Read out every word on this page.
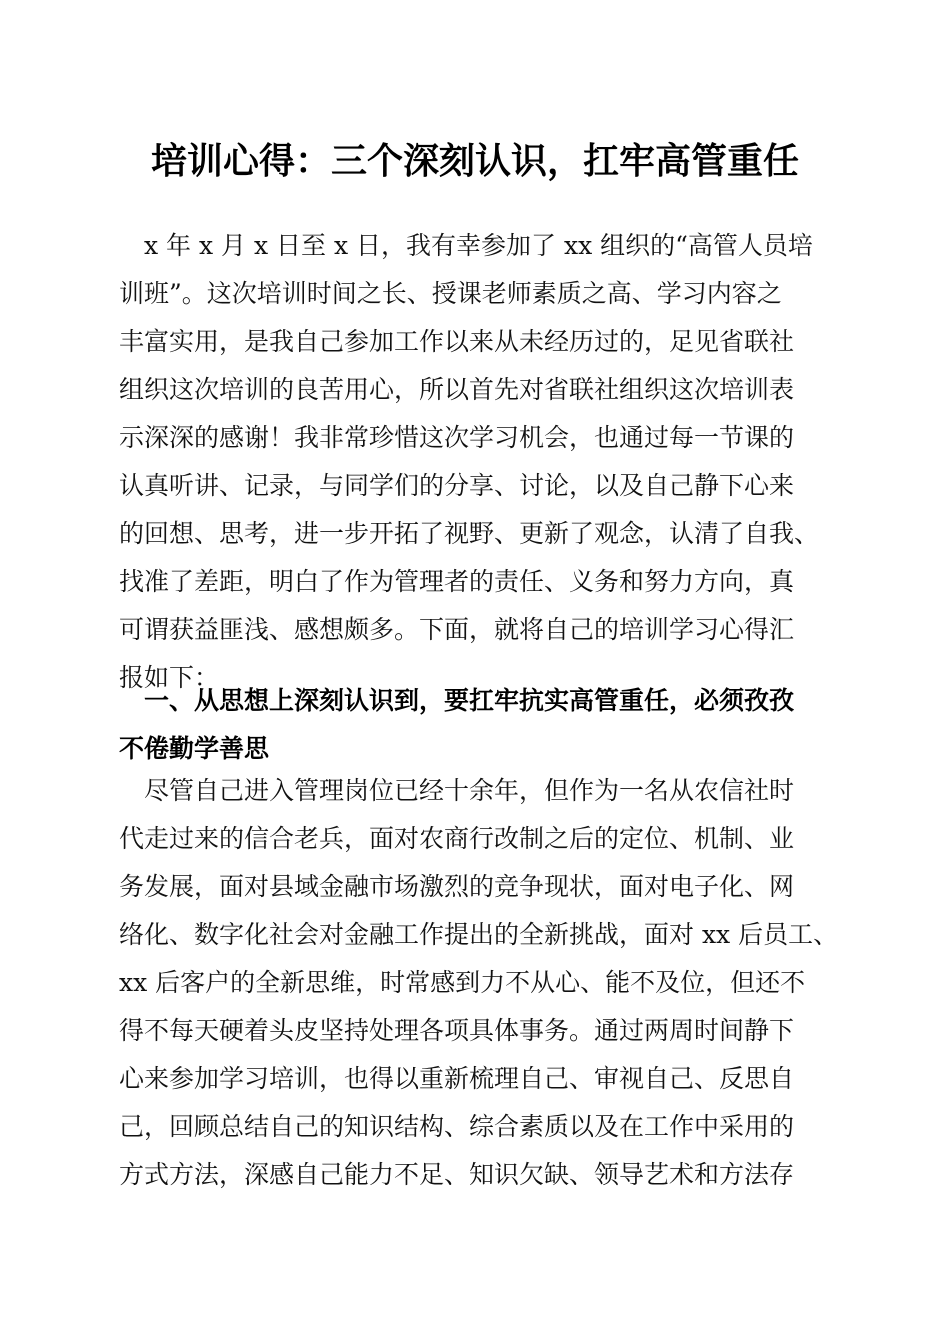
培训心得：三个深刻认识，扛牢高管重任
　x 年 x 月 x 日至 x 日，我有幸参加了 xx 组织的“高管人员培
训班”。这次培训时间之长、授课老师素质之高、学习内容之
丰富实用，是我自己参加工作以来从未经历过的，足见省联社
组织这次培训的良苦用心，所以首先对省联社组织这次培训表
示深深的感谢！我非常珍惜这次学习机会，也通过每一节课的
认真听讲、记录，与同学们的分享、讨论，以及自己静下心来
的回想、思考，进一步开拓了视野、更新了观念，认清了自我、
找准了差距，明白了作为管理者的责任、义务和努力方向，真
可谓获益匪浅、感想颇多。下面，就将自己的培训学习心得汇
报如下：
　一、从思想上深刻认识到，要扛牢抗实高管重任，必须孜孜
不倦勤学善思
　尽管自己进入管理岗位已经十余年，但作为一名从农信社时
代走过来的信合老兵，面对农商行改制之后的定位、机制、业
务发展，面对县域金融市场激烈的竞争现状，面对电子化、网
络化、数字化社会对金融工作提出的全新挑战，面对 xx 后员工、
xx 后客户的全新思维，时常感到力不从心、能不及位，但还不
得不每天硬着头皮坚持处理各项具体事务。通过两周时间静下
心来参加学习培训，也得以重新梳理自己、审视自己、反思自
己，回顾总结自己的知识结构、综合素质以及在工作中采用的
方式方法，深感自己能力不足、知识欠缺、领导艺术和方法存
